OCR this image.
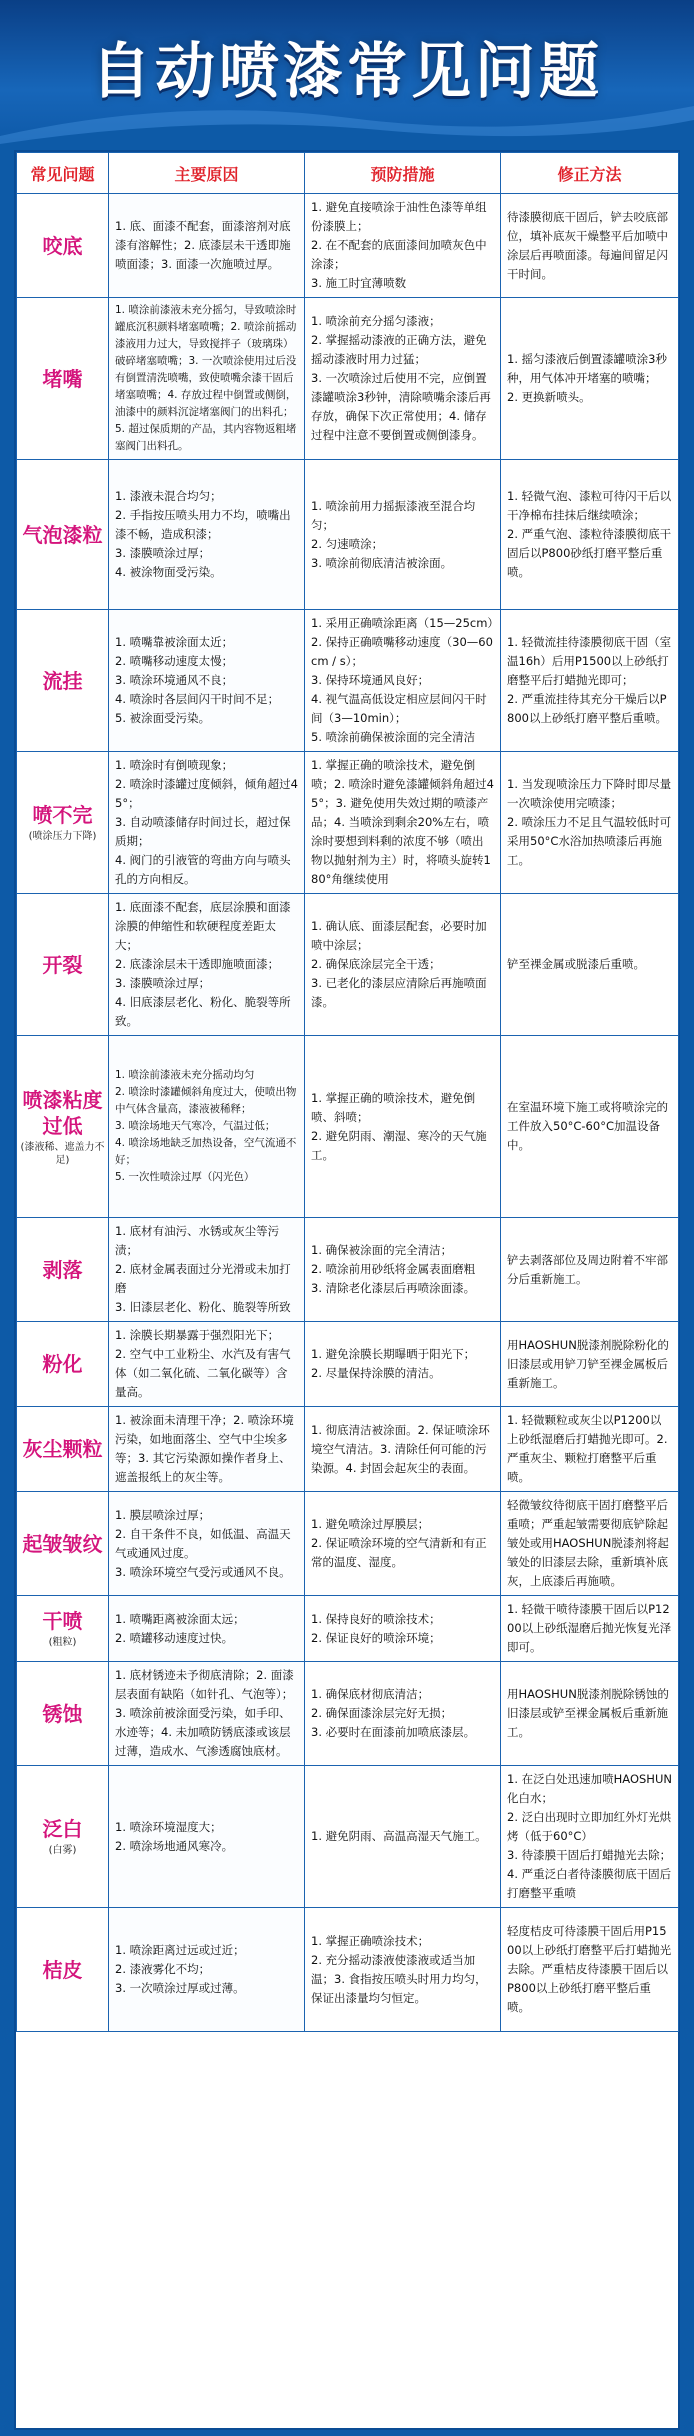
自动喷漆常见问题
常见问题	主要原因	预防措施	修正方法
咬底	1. 底、面漆不配套，面漆溶剂对底漆有溶解性；2. 底漆层未干透即施喷面漆；3. 面漆一次施喷过厚。	1. 避免直接喷涂于油性色漆等单组份漆膜上；
2. 在不配套的底面漆间加喷灰色中涂漆；
3. 施工时宜薄喷数	待漆膜彻底干固后，铲去咬底部位，填补底灰干燥整平后加喷中涂层后再喷面漆。每遍间留足闪干时间。

堵嘴	1. 喷涂前漆液未充分摇匀，导致喷涂时罐底沉积颜料堵塞喷嘴；2. 喷涂前摇动漆液用力过大，导致搅拌子（玻璃珠）破碎堵塞喷嘴；3. 一次喷涂使用过后没有倒置清洗喷嘴，致使喷嘴余漆干固后堵塞喷嘴；4. 存放过程中倒置或侧倒，油漆中的颜料沉淀堵塞阀门的出料孔；5. 超过保质期的产品，其内容物返粗堵塞阀门出料孔。	1. 喷涂前充分摇匀漆液；
2. 掌握摇动漆液的正确方法，避免摇动漆液时用力过猛；
3. 一次喷涂过后使用不完，应倒置漆罐喷涂3秒钟，清除喷嘴余漆后再存放，确保下次正常使用；4. 储存过程中注意不要倒置或侧倒漆身。	1. 摇匀漆液后倒置漆罐喷涂3秒种，用气体冲开堵塞的喷嘴；
2. 更换新喷头。

气泡漆粒	1. 漆液未混合均匀；
2. 手指按压喷头用力不均，喷嘴出漆不畅，造成积漆；
3. 漆膜喷涂过厚；
4. 被涂物面受污染。	1. 喷涂前用力摇振漆液至混合均匀；
2. 匀速喷涂；
3. 喷涂前彻底清洁被涂面。	1. 轻微气泡、漆粒可待闪干后以干净棉布挂抹后继续喷涂；
2. 严重气泡、漆粒待漆膜彻底干固后以P800砂纸打磨平整后重喷。

流挂	1. 喷嘴靠被涂面太近；
2. 喷嘴移动速度太慢；
3. 喷涂环境通风不良；
4. 喷涂时各层间闪干时间不足；
5. 被涂面受污染。	1. 采用正确喷涂距离（15—25cm）2. 保持正确喷嘴移动速度（30—60cm / s）；
3. 保持环境通风良好；
4. 视气温高低设定相应层间闪干时间（3—10min）；
5. 喷涂前确保被涂面的完全清洁	1. 轻微流挂待漆膜彻底干固（室温16h）后用P1500以上砂纸打磨整平后打蜡抛光即可；
2. 严重流挂待其充分干燥后以P800以上砂纸打磨平整后重喷。

喷不完
(喷涂压力下降)	1. 喷涂时有倒喷现象；
2. 喷涂时漆罐过度倾斜，倾角超过45°；
3. 自动喷漆储存时间过长，超过保质期；
4. 阀门的引液管的弯曲方向与喷头孔的方向相反。	1. 掌握正确的喷涂技术，避免倒喷；2. 喷涂时避免漆罐倾斜角超过45°；3. 避免使用失效过期的喷漆产品；4. 当喷涂到剩余20%左右，喷涂时要想到料剩的浓度不够（喷出物以抛射剂为主）时，将喷头旋转180°角继续使用	1. 当发现喷涂压力下降时即尽量一次喷涂使用完喷漆；
2. 喷涂压力不足且气温较低时可采用50°C水浴加热喷漆后再施工。

开裂	1. 底面漆不配套，底层涂膜和面漆涂膜的伸缩性和软硬程度差距太大；
2. 底漆涂层未干透即施喷面漆；
3. 漆膜喷涂过厚；
4. 旧底漆层老化、粉化、脆裂等所致。	1. 确认底、面漆层配套，必要时加喷中涂层；
2. 确保底涂层完全干透；
3. 已老化的漆层应清除后再施喷面漆。	铲至裸金属或脱漆后重喷。

喷漆粘度过低
(漆液稀、遮盖力不足)	1. 喷涂前漆液未充分摇动均匀
2. 喷涂时漆罐倾斜角度过大，使喷出物中气体含量高，漆液被稀释；
3. 喷涂场地天气寒冷，气温过低；
4. 喷涂场地缺乏加热设备，空气流通不好；
5. 一次性喷涂过厚（闪光色）	1. 掌握正确的喷涂技术，避免倒喷、斜喷；
2. 避免阴雨、潮湿、寒冷的天气施工。	在室温环境下施工或将喷涂完的工件放入50°C-60°C加温设备中。

剥落	1. 底材有油污、水锈或灰尘等污渍；
2. 底材金属表面过分光滑或未加打磨
3. 旧漆层老化、粉化、脆裂等所致	1. 确保被涂面的完全清洁；
2. 喷涂前用砂纸将金属表面磨粗
3. 清除老化漆层后再喷涂面漆。	铲去剥落部位及周边附着不牢部分后重新施工。

粉化	1. 涂膜长期暴露于强烈阳光下；
2. 空气中工业粉尘、水汽及有害气体（如二氧化硫、二氧化碳等）含量高。	1. 避免涂膜长期曝晒于阳光下；
2. 尽量保持涂膜的清洁。	用HAOSHUN脱漆剂脱除粉化的旧漆层或用铲刀铲至裸金属板后重新施工。

灰尘颗粒	1. 被涂面未清理干净；2. 喷涂环境污染，如地面落尘、空气中尘埃多等；3. 其它污染源如操作者身上、遮盖报纸上的灰尘等。	1. 彻底清洁被涂面。2. 保证喷涂环境空气清洁。3. 清除任何可能的污染源。4. 封固会起灰尘的表面。	1. 轻微颗粒或灰尘以P1200以上砂纸湿磨后打蜡抛光即可。2. 严重灰尘、颗粒打磨整平后重喷。

起皱皱纹	1. 膜层喷涂过厚；
2. 自干条件不良，如低温、高温天气或通风过度。
3. 喷涂环境空气受污或通风不良。	1. 避免喷涂过厚膜层；
2. 保证喷涂环境的空气清新和有正常的温度、湿度。	轻微皱纹待彻底干固打磨整平后重喷；严重起皱需要彻底铲除起皱处或用HAOSHUN脱漆剂将起皱处的旧漆层去除，重新填补底灰，上底漆后再施喷。

干喷
(粗粒)	1. 喷嘴距离被涂面太远；
2. 喷罐移动速度过快。	1. 保持良好的喷涂技术；
2. 保证良好的喷涂环境；	1. 轻微干喷待漆膜干固后以P1200以上砂纸湿磨后抛光恢复光泽即可。

锈蚀	1. 底材锈迹未予彻底清除；2. 面漆层表面有缺陷（如针孔、气泡等）；3. 喷涂前被涂面受污染，如手印、水迹等；4. 未加喷防锈底漆或该层过薄，造成水、气渗透腐蚀底材。	1. 确保底材彻底清洁；
2. 确保面漆涂层完好无损；
3. 必要时在面漆前加喷底漆层。	用HAOSHUN脱漆剂脱除锈蚀的旧漆层或铲至裸金属板后重新施工。

泛白
(白雾)	1. 喷涂环境湿度大；
2. 喷涂场地通风寒冷。	1. 避免阴雨、高温高湿天气施工。	1. 在泛白处迅速加喷HAOSHUN化白水；
2. 泛白出现时立即加红外灯光烘烤（低于60°C）
3. 待漆膜干固后打蜡抛光去除；
4. 严重泛白者待漆膜彻底干固后打磨整平重喷

桔皮	1. 喷涂距离过远或过近；
2. 漆液雾化不均；
3. 一次喷涂过厚或过薄。	1. 掌握正确喷涂技术；
2. 充分摇动漆液使漆液或适当加温；3. 食指按压喷头时用力均匀，保证出漆量均匀恒定。	轻度桔皮可待漆膜干固后用P1500以上砂纸打磨整平后打蜡抛光去除。严重桔皮待漆膜干固后以P800以上砂纸打磨平整后重喷。
